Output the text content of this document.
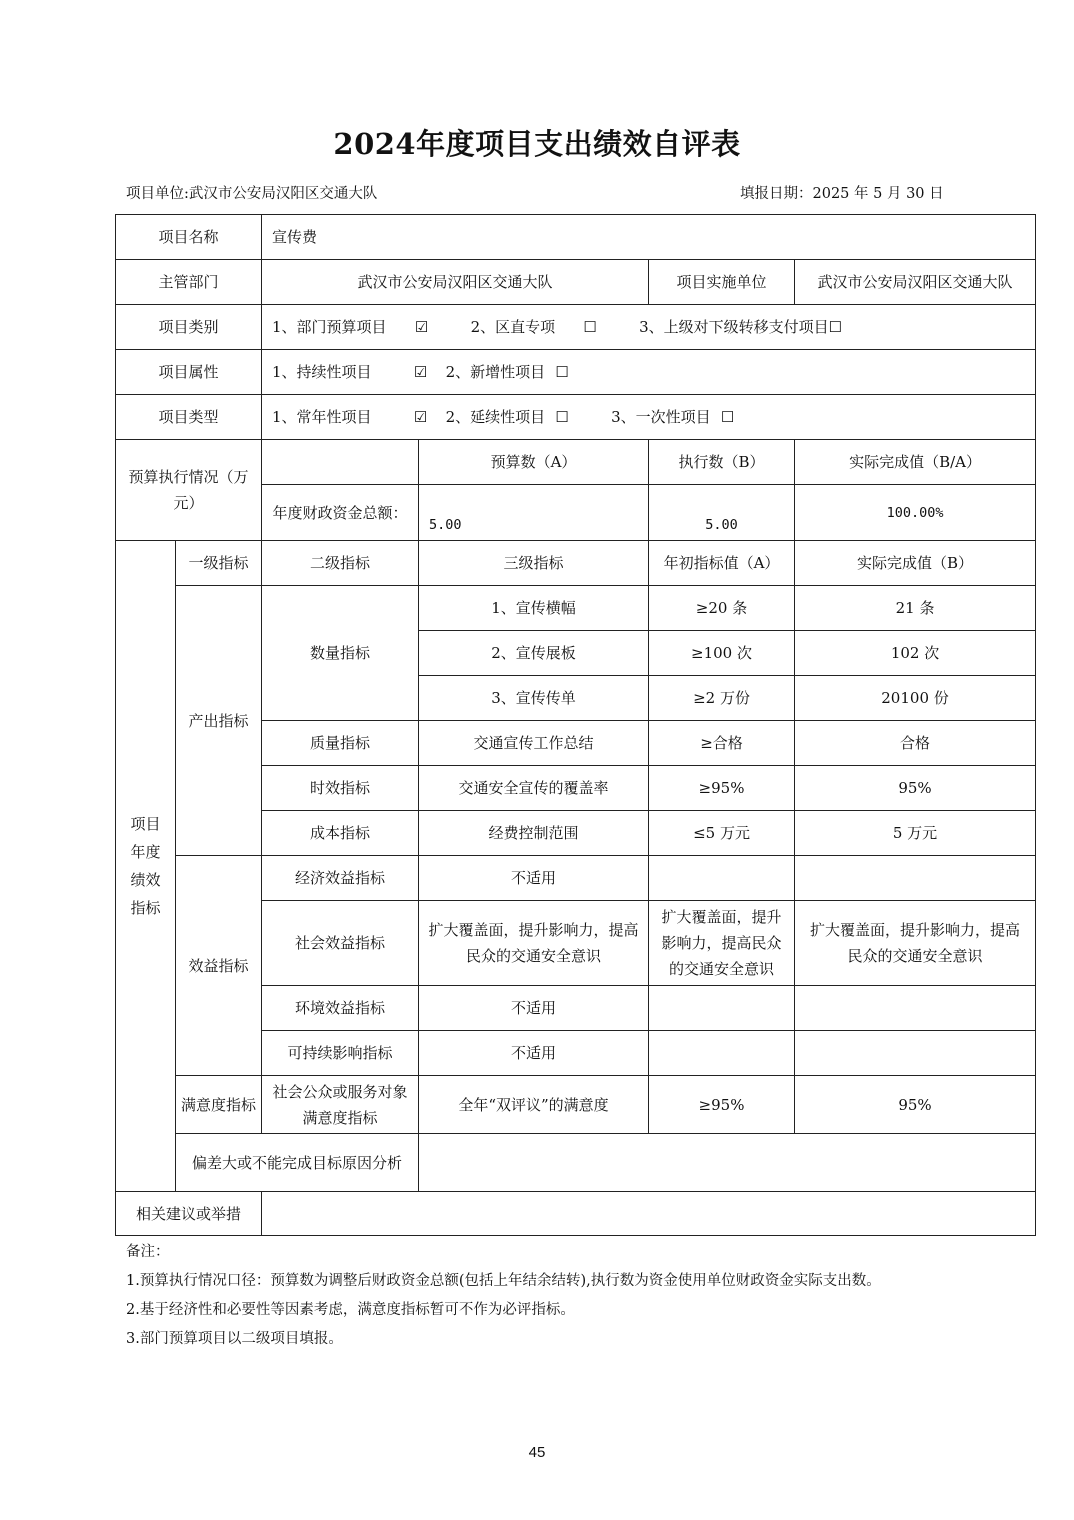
2024年度项目支出绩效自评表
项目单位:武汉市公安局汉阳区交通大队	填报日期：2025 年 5 月 30 日
项目名称		宣传费			
主管部门		武汉市公安局汉阳区交通大队		项目实施单位	武汉市公安局汉阳区交通大队
项目类别		1、部门预算项目 ☑ 2、区直专项 ☐ 3、上级对下级转移支付项目☐			
项目属性		1、持续性项目 ☑ 2、新增性项目 ☐			
项目类型		1、常年性项目 ☑ 2、延续性项目 ☐ 3、一次性项目 ☐			
预算执行情况（万元）			预算数（A）	执行数（B）	实际完成值（B/A）
		年度财政资金总额：	5.00	5.00	100.00%
项目年度绩效指标	一级指标	二级指标	三级指标	年初指标值（A）	实际完成值（B）
	产出指标	数量指标	1、宣传横幅	≥20 条	21 条
			2、宣传展板	≥100 次	102 次
			3、宣传传单	≥2 万份	20100 份
		质量指标	交通宣传工作总结	≥合格	合格
		时效指标	交通安全宣传的覆盖率	≥95%	95%
		成本指标	经费控制范围	≤5 万元	5 万元
	效益指标	经济效益指标	不适用		
		社会效益指标	扩大覆盖面，提升影响力，提高民众的交通安全意识	扩大覆盖面，提升影响力，提高民众的交通安全意识	扩大覆盖面，提升影响力，提高民众的交通安全意识
		环境效益指标	不适用		
		可持续影响指标	不适用		
	满意度指标	社会公众或服务对象满意度指标	全年“双评议”的满意度	≥95%	95%
	偏差大或不能完成目标原因分析				
相关建议或举措					
备注：
1.预算执行情况口径：预算数为调整后财政资金总额(包括上年结余结转),执行数为资金使用单位财政资金实际支出数。
2.基于经济性和必要性等因素考虑，满意度指标暂可不作为必评指标。
3.部门预算项目以二级项目填报。
45
